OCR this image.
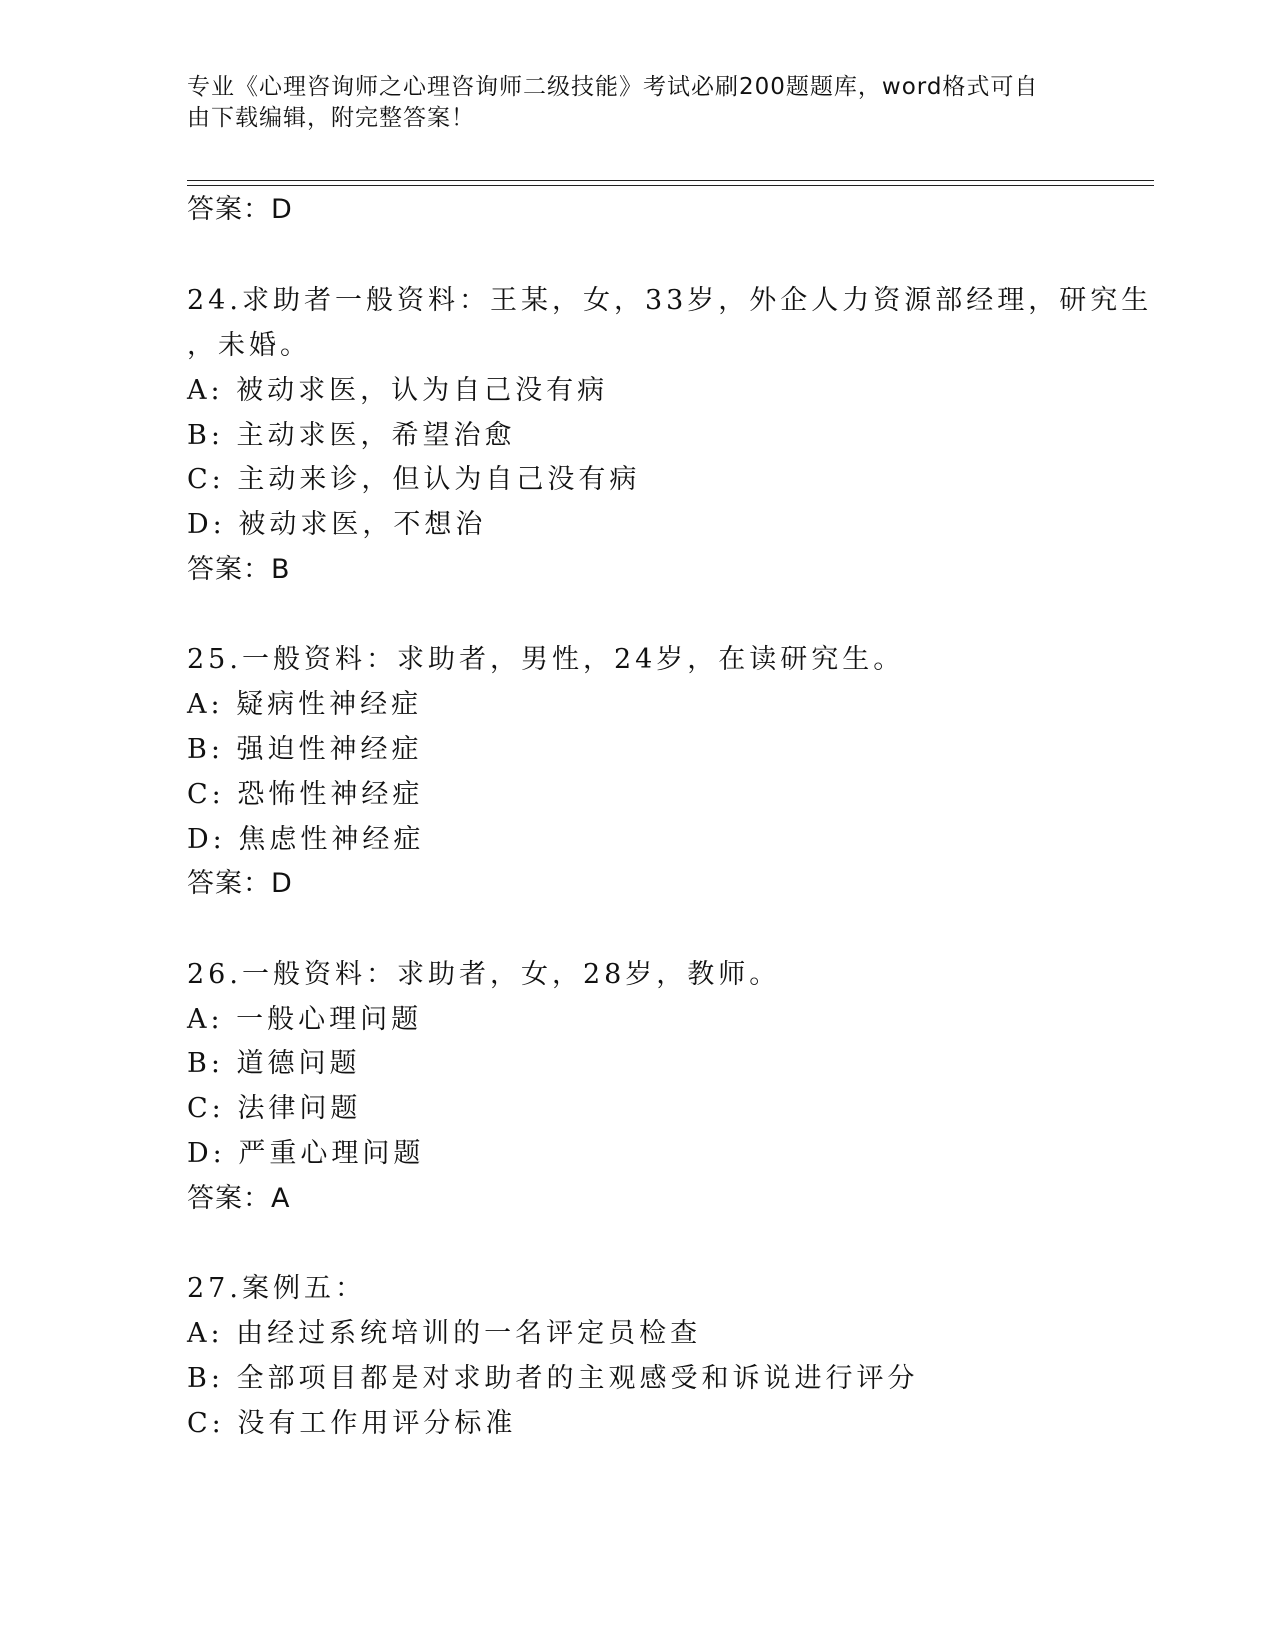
专业《心理咨询师之心理咨询师二级技能》考试必刷200题题库，word格式可自
由下载编辑，附完整答案！
答案：D
24.求助者一般资料：王某，女，33岁，外企人力资源部经理，研究生
，未婚。
A: 被动求医，认为自己没有病
B: 主动求医，希望治愈
C: 主动来诊，但认为自己没有病
D: 被动求医，不想治
答案：B
25.一般资料：求助者，男性，24岁，在读研究生。
A: 疑病性神经症
B: 强迫性神经症
C: 恐怖性神经症
D: 焦虑性神经症
答案：D
26.一般资料：求助者，女，28岁，教师。
A: 一般心理问题
B: 道德问题
C: 法律问题
D: 严重心理问题
答案：A
27.案例五：
A: 由经过系统培训的一名评定员检查
B: 全部项目都是对求助者的主观感受和诉说进行评分
C: 没有工作用评分标准
